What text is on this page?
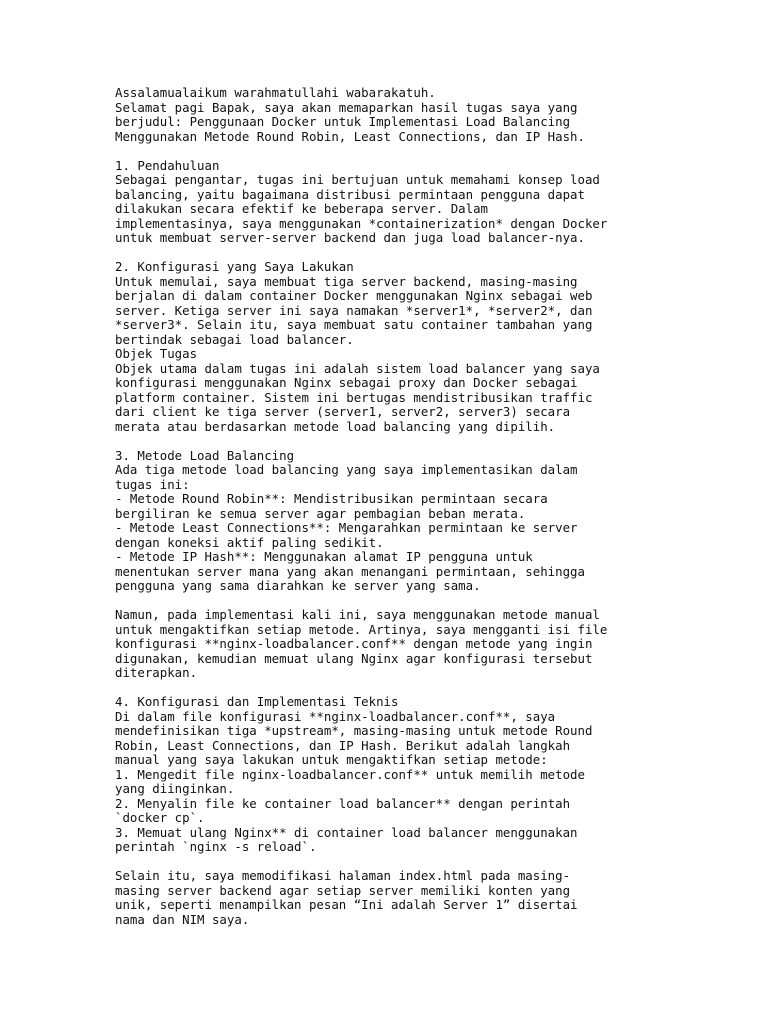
Assalamualaikum warahmatullahi wabarakatuh.
Selamat pagi Bapak, saya akan memaparkan hasil tugas saya yang
berjudul: Penggunaan Docker untuk Implementasi Load Balancing
Menggunakan Metode Round Robin, Least Connections, dan IP Hash.
1. Pendahuluan
Sebagai pengantar, tugas ini bertujuan untuk memahami konsep load
balancing, yaitu bagaimana distribusi permintaan pengguna dapat
dilakukan secara efektif ke beberapa server. Dalam
implementasinya, saya menggunakan *containerization* dengan Docker
untuk membuat server-server backend dan juga load balancer-nya.
2. Konfigurasi yang Saya Lakukan
Untuk memulai, saya membuat tiga server backend, masing-masing
berjalan di dalam container Docker menggunakan Nginx sebagai web
server. Ketiga server ini saya namakan *server1*, *server2*, dan
*server3*. Selain itu, saya membuat satu container tambahan yang
bertindak sebagai load balancer.
Objek Tugas
Objek utama dalam tugas ini adalah sistem load balancer yang saya
konfigurasi menggunakan Nginx sebagai proxy dan Docker sebagai
platform container. Sistem ini bertugas mendistribusikan traffic
dari client ke tiga server (server1, server2, server3) secara
merata atau berdasarkan metode load balancing yang dipilih.
3. Metode Load Balancing
Ada tiga metode load balancing yang saya implementasikan dalam
tugas ini:
- Metode Round Robin**: Mendistribusikan permintaan secara
bergiliran ke semua server agar pembagian beban merata.
- Metode Least Connections**: Mengarahkan permintaan ke server
dengan koneksi aktif paling sedikit.
- Metode IP Hash**: Menggunakan alamat IP pengguna untuk
menentukan server mana yang akan menangani permintaan, sehingga
pengguna yang sama diarahkan ke server yang sama.
Namun, pada implementasi kali ini, saya menggunakan metode manual
untuk mengaktifkan setiap metode. Artinya, saya mengganti isi file
konfigurasi **nginx-loadbalancer.conf** dengan metode yang ingin
digunakan, kemudian memuat ulang Nginx agar konfigurasi tersebut
diterapkan.
4. Konfigurasi dan Implementasi Teknis
Di dalam file konfigurasi **nginx-loadbalancer.conf**, saya
mendefinisikan tiga *upstream*, masing-masing untuk metode Round
Robin, Least Connections, dan IP Hash. Berikut adalah langkah
manual yang saya lakukan untuk mengaktifkan setiap metode:
1. Mengedit file nginx-loadbalancer.conf** untuk memilih metode
yang diinginkan.
2. Menyalin file ke container load balancer** dengan perintah
`docker cp`.
3. Memuat ulang Nginx** di container load balancer menggunakan
perintah `nginx -s reload`.
Selain itu, saya memodifikasi halaman index.html pada masing-
masing server backend agar setiap server memiliki konten yang
unik, seperti menampilkan pesan “Ini adalah Server 1” disertai
nama dan NIM saya.
